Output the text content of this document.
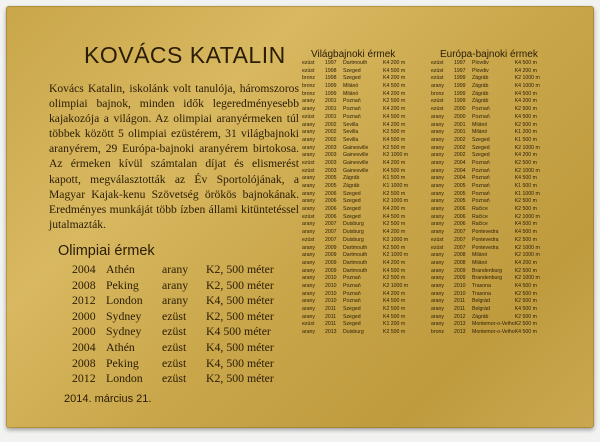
KOVÁCS KATALIN

Kovács Katalin, iskolánk volt tanulója, háromszoros olimpiai bajnok, minden idők legeredményesebb kajakozója a világon. Az olimpiai aranyérmeken túl többek között 5 olimpiai ezüstérem, 31 világbajnoki aranyérem, 29 Európa-bajnoki aranyérem birtokosa. Az érmeken kívül számtalan díjat és elismerést kapott, megválasztották az Év Sportolójának, a Magyar Kajak-kenu Szövetség örökös bajnokának. Eredményes munkáját több ízben állami kitüntetéssel jutalmazták.

Olimpiai érmek
2004	Athén	arany	K2, 500 méter
2008	Peking	arany	K2, 500 méter
2012	London	arany	K4, 500 méter
2000	Sydney	ezüst	K2, 500 méter
2000	Sydney	ezüst	K4 500 méter
2004	Athén	ezüst	K4, 500 méter
2008	Peking	ezüst	K4, 500 méter
2012	London	ezüst	K2, 500 méter
2014. március 21.
Világbajnoki érmek
ezüst	1997	Dartmouth	K4 200 m
ezüst	1998	Szeged	K4 500 m
bronz	1998	Szeged	K4 200 m
bronz	1999	Milánó	K4 500 m
bronz	1999	Milánó	K4 200 m
arany	2001	Poznań	K2 500 m
arany	2001	Poznań	K4 200 m
ezüst	2001	Poznań	K4 500 m
arany	2002	Sevilla	K4 200 m
arany	2002	Sevilla	K2 500 m
arany	2002	Sevilla	K4 500 m
arany	2003	Gainesville	K2 500 m
arany	2003	Gainesville	K2 1000 m
ezüst	2003	Gainesville	K4 200 m
ezüst	2003	Gainesville	K4 500 m
arany	2005	Zágráb	K1 500 m
arany	2005	Zágráb	K1 1000 m
arany	2006	Szeged	K2 500 m
arany	2006	Szeged	K2 1000 m
arany	2006	Szeged	K4 200 m
ezüst	2006	Szeged	K4 500 m
arany	2007	Duisburg	K2 500 m
arany	2007	Duisburg	K4 200 m
ezüst	2007	Duisburg	K2 1000 m
arany	2009	Dartmouth	K2 500 m
arany	2009	Dartmouth	K2 1000 m
arany	2009	Dartmouth	K4 200 m
arany	2009	Dartmouth	K4 500 m
arany	2010	Poznań	K2 500 m
arany	2010	Poznań	K2 1000 m
arany	2010	Poznań	K4 200 m
arany	2010	Poznań	K4 500 m
arany	2011	Szeged	K2 500 m
arany	2011	Szeged	K4 500 m
ezüst	2011	Szeged	K1 200 m
arany	2013	Duisburg	K2 500 m
Európa-bajnoki érmek
ezüst	1997	Plovdiv	K4 500 m
ezüst	1997	Plovdiv	K4 200 m
ezüst	1999	Zágráb	K2 1000 m
arany	1999	Zágráb	K4 1000 m
bronz	1999	Zágráb	K4 500 m
ezüst	1999	Zágráb	K4 200 m
ezüst	2000	Poznań	K2 500 m
arany	2000	Poznań	K4 500 m
arany	2001	Milánó	K2 500 m
arany	2001	Milánó	K1 200 m
arany	2002	Szeged	K1 500 m
arany	2002	Szeged	K2 1000 m
arany	2002	Szeged	K4 200 m
arany	2004	Poznań	K2 500 m
arany	2004	Poznań	K2 1000 m
arany	2004	Poznań	K4 500 m
arany	2005	Poznań	K1 500 m
arany	2005	Poznań	K1 1000 m
arany	2005	Poznań	K2 500 m
arany	2006	Račice	K2 500 m
arany	2006	Račice	K2 1000 m
arany	2006	Račice	K4 500 m
arany	2007	Pontevedra	K4 500 m
ezüst	2007	Pontevedra	K2 500 m
ezüst	2007	Pontevedra	K2 1000 m
arany	2008	Milánó	K2 1000 m
arany	2008	Milánó	K4 200 m
arany	2009	Brandenburg	K2 500 m
arany	2009	Brandenburg	K2 1000 m
arany	2010	Trasona	K4 500 m
arany	2010	Trasona	K2 500 m
arany	2011	Belgrád	K2 500 m
arany	2011	Belgrád	K4 500 m
arany	2012	Zágráb	K2 500 m
arany	2013	Montemor-o-Velho	K2 500 m
bronz	2013	Montemor-o-Velho	K4 500 m
